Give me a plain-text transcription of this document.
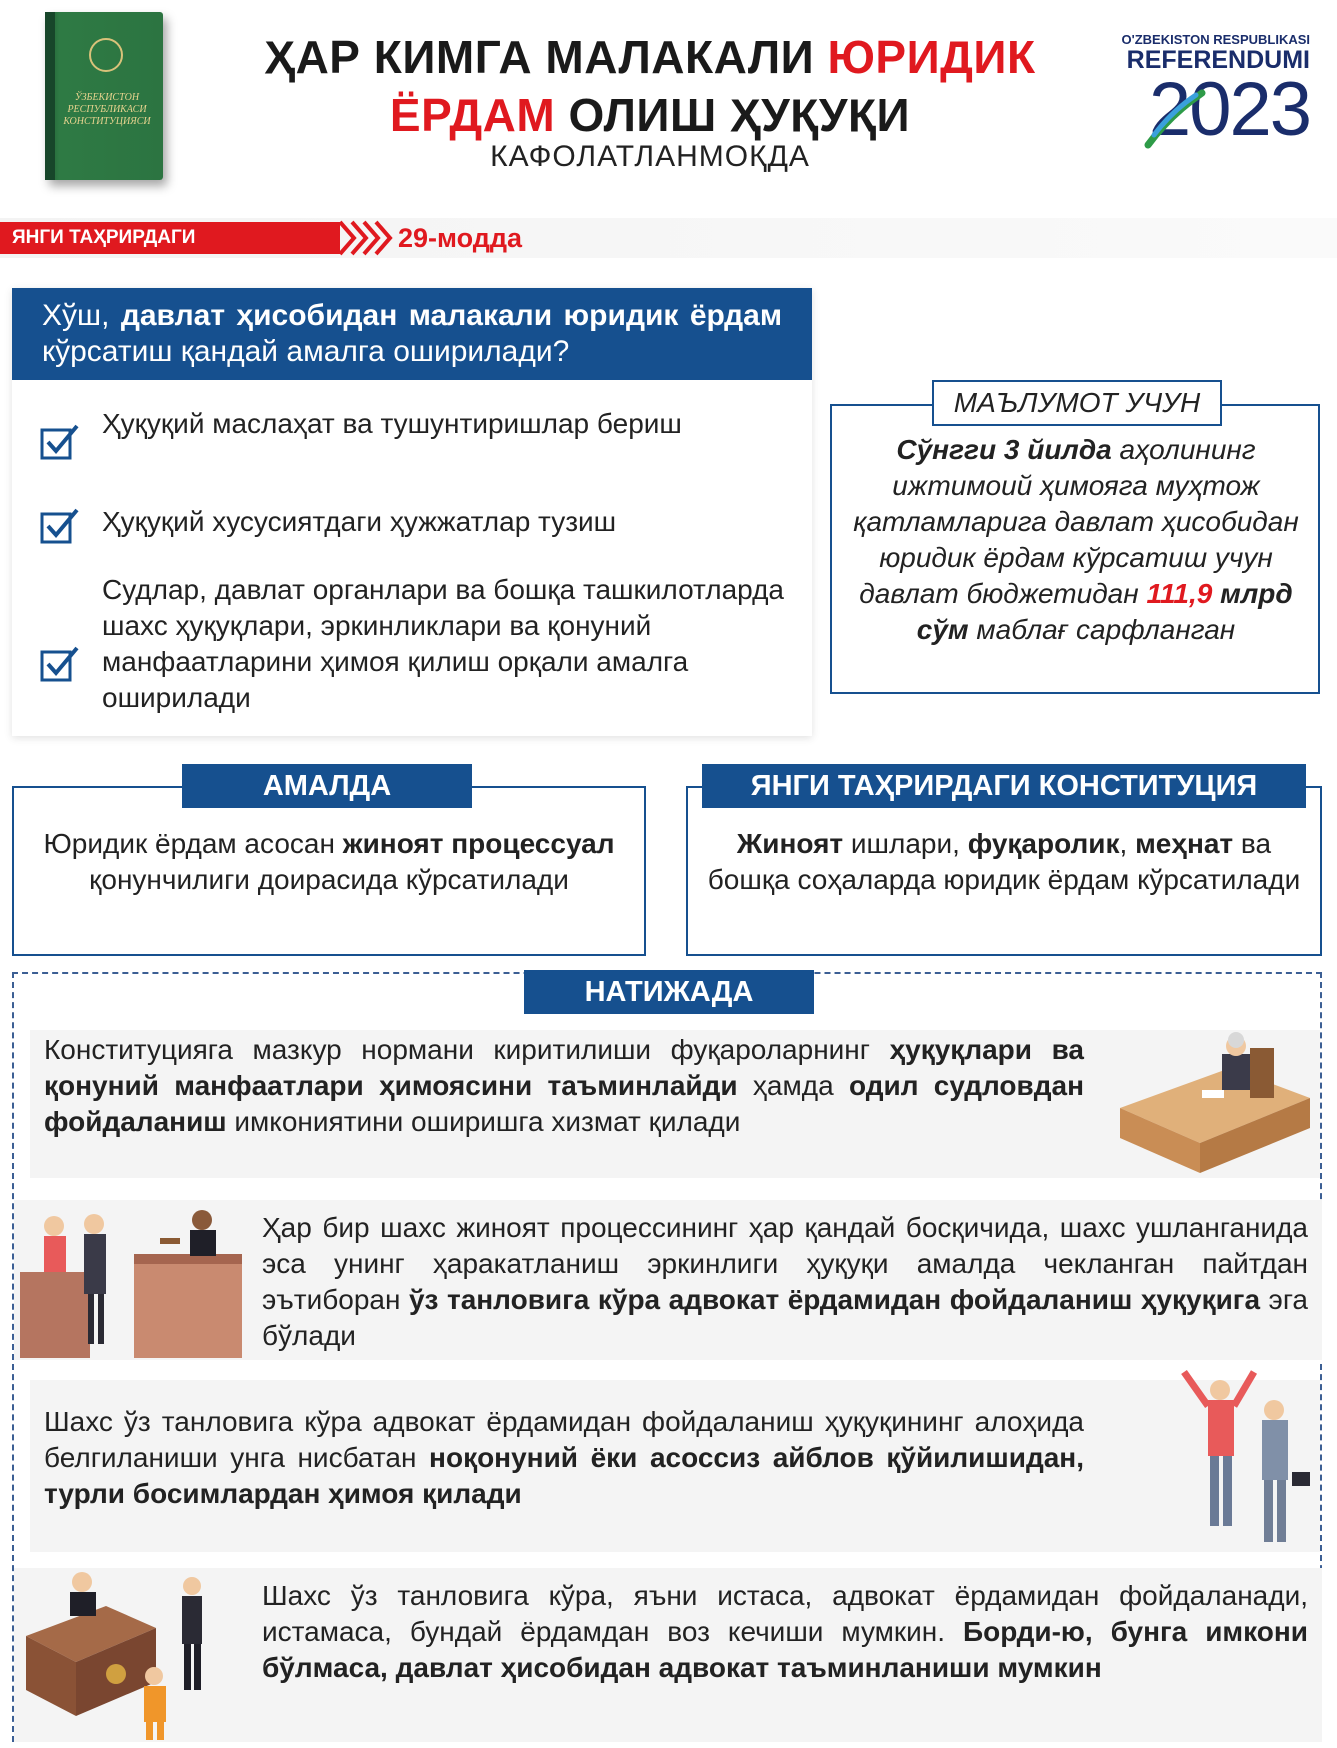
ЎЗБЕКИСТОН РЕСПУБЛИКАСИ КОНСТИТУЦИЯСИ
ҲАР КИМГА МАЛАКАЛИ ЮРИДИК
ЁРДАМ ОЛИШ ҲУҚУҚИ
КАФОЛАТЛАНМОҚДА
O'ZBEKISTON RESPUBLIKASI
REFERENDUMI
2023
ЯНГИ ТАҲРИРДАГИ КОНСТИТУЦИЯ
29-модда
Хўш, давлат ҳисобидан малакали юридик ёрдам кўрсатиш қандай амалга оширилади?
Ҳуқуқий маслаҳат ва тушунтиришлар бериш
Ҳуқуқий хусусиятдаги ҳужжатлар тузиш
Судлар, давлат органлари ва бошқа ташкилотларда шахс ҳуқуқлари, эркинликлари ва қонуний манфаатларини ҳимоя қилиш орқали амалга оширилади
МАЪЛУМОТ УЧУН
Сўнгги 3 йилда аҳолининг ижтимоий ҳимояга муҳтож қатламларига давлат ҳисобидан юридик ёрдам кўрсатиш учун давлат бюджетидан 111,9 млрд сўм маблағ сарфланган
АМАЛДА
Юридик ёрдам асосан жиноят процессуал қонунчилиги доирасида кўрсатилади
ЯНГИ ТАҲРИРДАГИ КОНСТИТУЦИЯ
Жиноят ишлари, фуқаролик, меҳнат ва бошқа соҳаларда юридик ёрдам кўрсатилади
НАТИЖАДА
Конституцияга мазкур нормани киритилиши фуқароларнинг ҳуқуқлари ва қонуний манфаатлари ҳимоясини таъминлайди ҳамда одил судловдан фойдаланиш имкониятини оширишга хизмат қилади
Ҳар бир шахс жиноят процессининг ҳар қандай босқичида, шахс ушланганида эса унинг ҳаракатланиш эркинлиги ҳуқуқи амалда чекланган пайтдан эътиборан ўз танловига кўра адвокат ёрдамидан фойдаланиш ҳуқуқига эга бўлади
Шахс ўз танловига кўра адвокат ёрдамидан фойдаланиш ҳуқуқининг алоҳида белгиланиши унга нисбатан ноқонуний ёки асоссиз айблов қўйилишидан, турли босимлардан ҳимоя қилади
Шахс ўз танловига кўра, яъни истаса, адвокат ёрдамидан фойдаланади, истамаса, бундай ёрдамдан воз кечиши мумкин. Борди-ю, бунга имкони бўлмаса, давлат ҳисобидан адвокат таъминланиши мумкин
